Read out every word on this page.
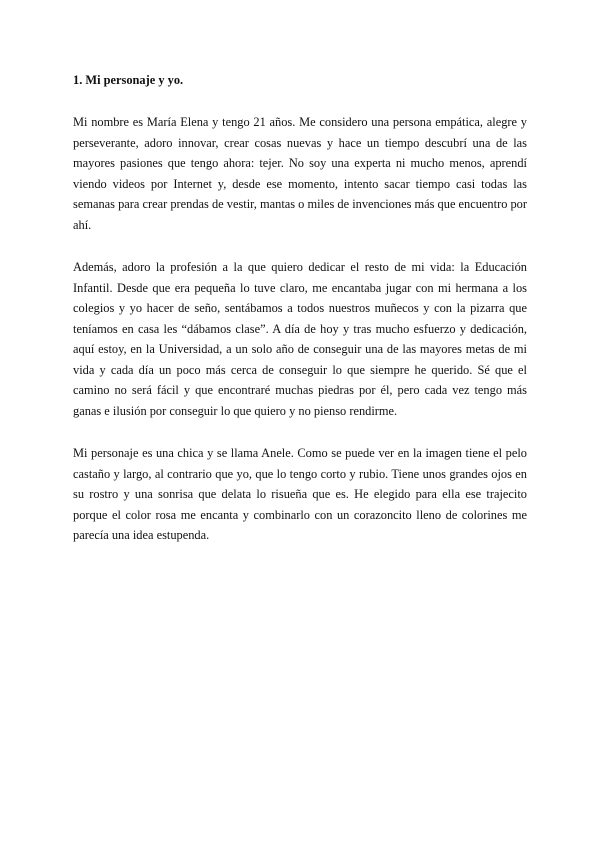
1. Mi personaje y yo.

Mi nombre es María Elena y tengo 21 años. Me considero una persona empática, alegre y perseverante, adoro innovar, crear cosas nuevas y hace un tiempo descubrí una de las mayores pasiones que tengo ahora: tejer. No soy una experta ni mucho menos, aprendí viendo videos por Internet y, desde ese momento, intento sacar tiempo casi todas las semanas para crear prendas de vestir, mantas o miles de invenciones más que encuentro por ahí.

Además, adoro la profesión a la que quiero dedicar el resto de mi vida: la Educación Infantil. Desde que era pequeña lo tuve claro, me encantaba jugar con mi hermana a los colegios y yo hacer de seño, sentábamos a todos nuestros muñecos y con la pizarra que teníamos en casa les “dábamos clase”. A día de hoy y tras mucho esfuerzo y dedicación, aquí estoy, en la Universidad, a un solo año de conseguir una de las mayores metas de mi vida y cada día un poco más cerca de conseguir lo que siempre he querido. Sé que el camino no será fácil y que encontraré muchas piedras por él, pero cada vez tengo más ganas e ilusión por conseguir lo que quiero y no pienso rendirme.

Mi personaje es una chica y se llama Anele. Como se puede ver en la imagen tiene el pelo castaño y largo, al contrario que yo, que lo tengo corto y rubio. Tiene unos grandes ojos en su rostro y una sonrisa que delata lo risueña que es. He elegido para ella ese trajecito porque el color rosa me encanta y combinarlo con un corazoncito lleno de colorines me parecía una idea estupenda.
